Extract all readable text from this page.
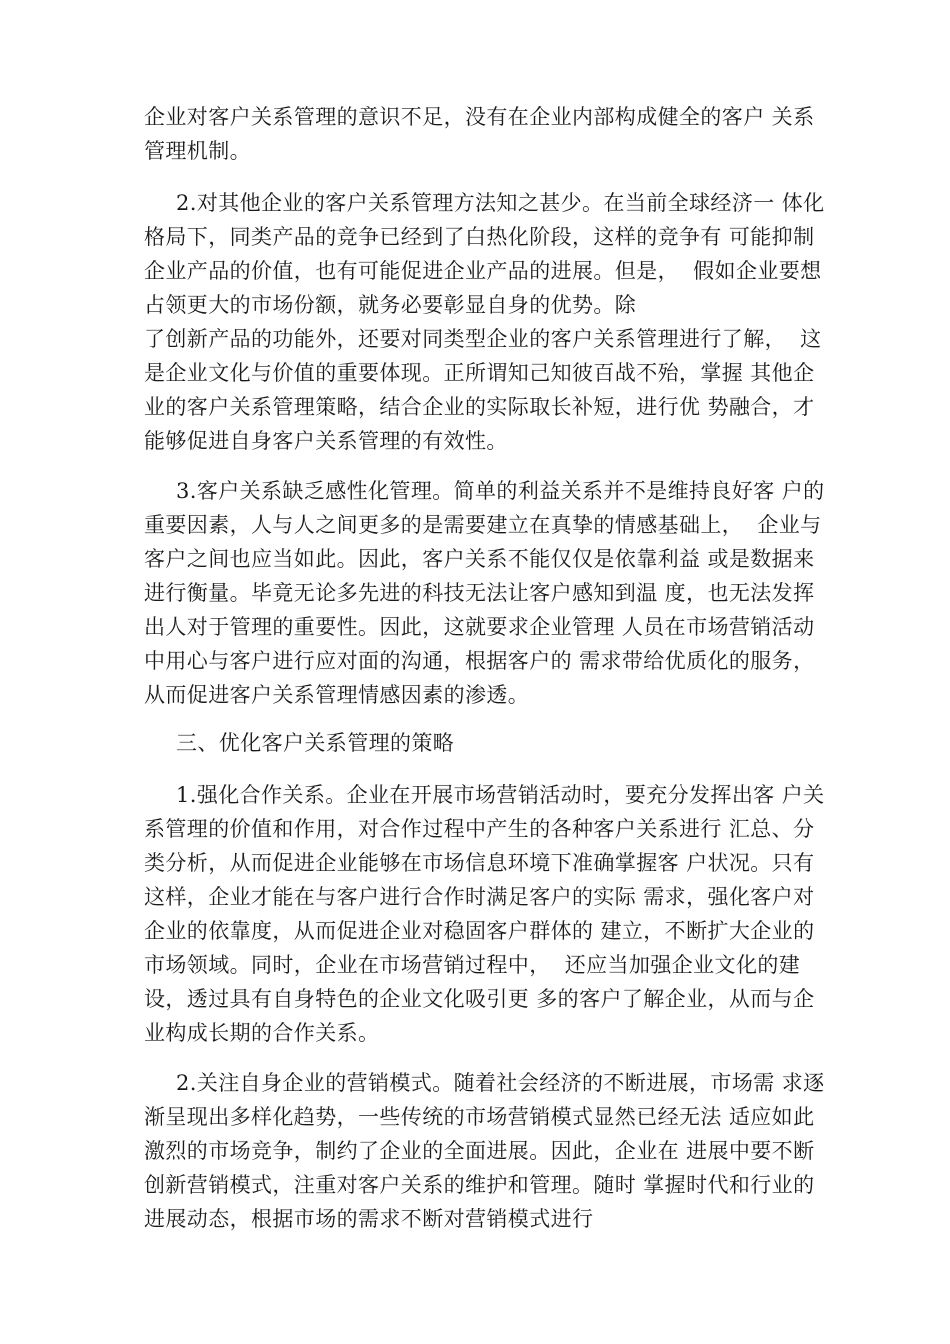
企业对客户关系管理的意识不足，没有在企业内部构成健全的客户 关系
管理机制。
2.对其他企业的客户关系管理方法知之甚少。在当前全球经济一 体化
格局下，同类产品的竞争已经到了白热化阶段，这样的竞争有 可能抑制
企业产品的价值，也有可能促进企业产品的进展。但是，  假如企业要想
占领更大的市场份额，就务必要彰显自身的优势。除
了创新产品的功能外，还要对同类型企业的客户关系管理进行了解，  这
是企业文化与价值的重要体现。正所谓知己知彼百战不殆，掌握 其他企
业的客户关系管理策略，结合企业的实际取长补短，进行优 势融合，才
能够促进自身客户关系管理的有效性。
3.客户关系缺乏感性化管理。简单的利益关系并不是维持良好客 户的
重要因素，人与人之间更多的是需要建立在真挚的情感基础上，  企业与
客户之间也应当如此。因此，客户关系不能仅仅是依靠利益 或是数据来
进行衡量。毕竟无论多先进的科技无法让客户感知到温 度，也无法发挥
出人对于管理的重要性。因此，这就要求企业管理 人员在市场营销活动
中用心与客户进行应对面的沟通，根据客户的 需求带给优质化的服务，
从而促进客户关系管理情感因素的渗透。
三、优化客户关系管理的策略
1.强化合作关系。企业在开展市场营销活动时，要充分发挥出客 户关
系管理的价值和作用，对合作过程中产生的各种客户关系进行 汇总、分
类分析，从而促进企业能够在市场信息环境下准确掌握客 户状况。只有
这样，企业才能在与客户进行合作时满足客户的实际 需求，强化客户对
企业的依靠度，从而促进企业对稳固客户群体的 建立，不断扩大企业的
市场领域。同时，企业在市场营销过程中，  还应当加强企业文化的建
设，透过具有自身特色的企业文化吸引更 多的客户了解企业，从而与企
业构成长期的合作关系。
2.关注自身企业的营销模式。随着社会经济的不断进展，市场需 求逐
渐呈现出多样化趋势，一些传统的市场营销模式显然已经无法 适应如此
激烈的市场竞争，制约了企业的全面进展。因此，企业在 进展中要不断
创新营销模式，注重对客户关系的维护和管理。随时 掌握时代和行业的
进展动态，根据市场的需求不断对营销模式进行
